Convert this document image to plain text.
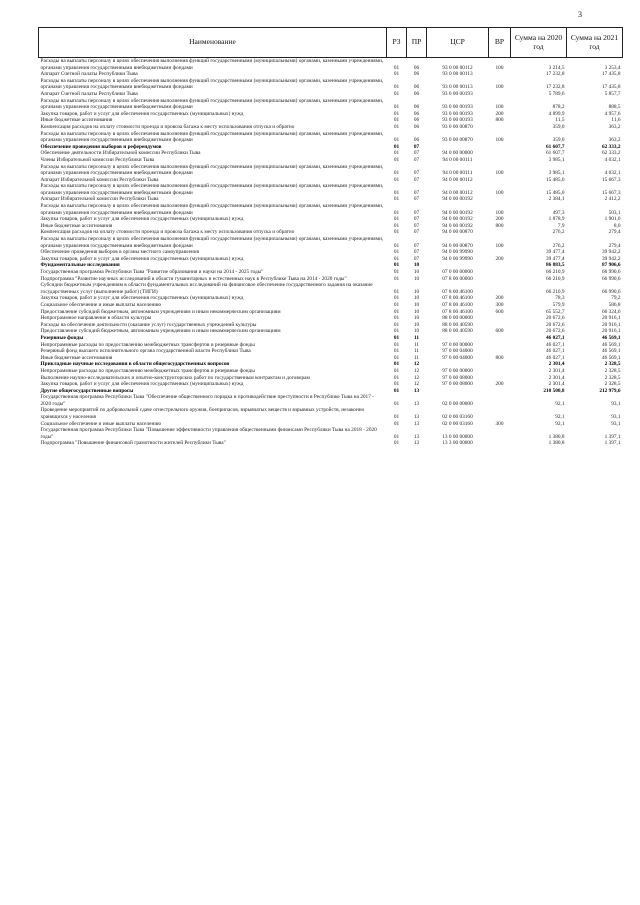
3
Наименование	РЗ	ПР	ЦСР	ВР	Сумма на 2020 год	Сумма на 2021 год
Расходы на выплаты персоналу в целях обеспечения выполнения функций государственными (муниципальными) органами, казенными учреждениями, органами управления государственными внебюджетными фондами	01	06	93 0 00 00112	100	3 214,5	3 253,4
Аппарат Счетной палаты Республики Тыва	01	06	93 0 00 00113		17 232,8	17 435,8
Расходы на выплаты персоналу в целях обеспечения выполнения функций государственными (муниципальными) органами, казенными учреждениями, органами управления государственными внебюджетными фондами	01	06	93 0 00 00113	100	17 232,8	17 435,8
Аппарат Счетной палаты Республики Тыва	01	06	93 0 00 00193		5 789,6	5 857,7
Расходы на выплаты персоналу в целях обеспечения выполнения функций государственными (муниципальными) органами, казенными учреждениями, органами управления государственными внебюджетными фондами	01	06	93 0 00 00193	100	878,2	888,5
Закупка товаров, работ и услуг для обеспечения государственных (муниципальных) нужд	01	06	93 0 00 00193	200	4 899,9	4 957,6
Иные бюджетные ассигнования	01	06	93 0 00 00193	800	11,5	11,6
Компенсация расходов на оплату стоимости проезда и провоза багажа к месту использования отпуска и обратно	01	06	93 0 00 00870		359,0	363,2
Расходы на выплаты персоналу в целях обеспечения выполнения функций государственными (муниципальными) органами, казенными учреждениями, органами управления государственными внебюджетными фондами	01	06	93 0 00 00870	100	359,0	363,2
Обеспечение проведения выборов и референдумов	01	07			61 607,7	62 333,2
Обеспечение деятельности Избирательной комиссии Республики Тыва	01	07	94 0 00 00000		61 607,7	62 333,2
Члены Избирательной комиссии Республики Тыва	01	07	94 0 00 00111		3 985,1	4 032,1
Расходы на выплаты персоналу в целях обеспечения выполнения функций государственными (муниципальными) органами, казенными учреждениями, органами управления государственными внебюджетными фондами	01	07	94 0 00 00111	100	3 985,1	4 032,1
Аппарат Избирательной комиссии Республики Тыва	01	07	94 0 00 00112		15 485,0	15 667,3
Расходы на выплаты персоналу в целях обеспечения выполнения функций государственными (муниципальными) органами, казенными учреждениями, органами управления государственными внебюджетными фондами	01	07	94 0 00 00112	100	15 485,0	15 667,3
Аппарат Избирательной комиссии Республики Тыва	01	07	94 0 00 00192		2 384,1	2 412,2
Расходы на выплаты персоналу в целях обеспечения выполнения функций государственными (муниципальными) органами, казенными учреждениями, органами управления государственными внебюджетными фондами	01	07	94 0 00 00192	100	497,3	503,1
Закупка товаров, работ и услуг для обеспечения государственных (муниципальных) нужд	01	07	94 0 00 00192	200	1 878,9	1 901,0
Иные бюджетные ассигнования	01	07	94 0 00 00192	800	7,9	8,0
Компенсация расходов на оплату стоимости проезда и провоза багажа к месту использования отпуска и обратно	01	07	94 0 00 00870		276,2	279,4
Расходы на выплаты персоналу в целях обеспечения выполнения функций государственными (муниципальными) органами, казенными учреждениями, органами управления государственными внебюджетными фондами	01	07	94 0 00 00870	100	276,2	279,4
Обеспечение проведения выборов в органы местного самоуправления	01	07	94 0 00 99990		39 477,4	39 942,2
Закупка товаров, работ и услуг для обеспечения государственных (муниципальных) нужд	01	07	94 0 00 99990	200	39 477,4	39 942,2
Фундаментальные исследования	01	10			86 883,5	87 906,6
Государственная программа Республики Тыва "Развитие образования и науки на 2014 - 2025 годы"	01	10	07 0 00 00000		66 210,9	66 990,6
Подпрограмма "Развитие научных исследований в области гуманитарных и естественных наук в Республике Тыва на 2014 - 2020 годы"	01	10	07 8 00 00000		66 210,9	66 990,6
Субсидии бюджетным учреждениям в области фундаментальных исследований на финансовое обеспечение государственного задания на оказание государственных услуг (выполнение работ) (ТИГИ)	01	10	07 8 00 46100		66 210,9	66 990,6
Закупка товаров, работ и услуг для обеспечения государственных (муниципальных) нужд	01	10	07 8 00 46100	200	78,3	79,2
Социальное обеспечение и иные выплаты населению	01	10	07 8 00 46100	300	579,9	586,8
Предоставление субсидий бюджетным, автономным учреждениям и иным некоммерческим организациям	01	10	07 8 00 46100	600	65 552,7	66 324,6
Непрограммное направление в области культуры	01	10	88 0 00 00000		20 672,6	20 916,1
Расходы на обеспечение деятельности (оказание услуг) государственных учреждений культуры	01	10	88 0 00 40590		20 672,6	20 916,1
Предоставление субсидий бюджетным, автономным учреждениям и иным некоммерческим организациям	01	10	88 0 00 40590	600	20 672,6	20 916,1
Резервные фонды	01	11			46 027,1	46 569,1
Непрограммные расходы по предоставлению межбюджетных трансфертов и резервные фонды	01	11	97 0 00 00000		46 027,1	46 569,1
Резервный фонд высшего исполнительного органа государственной власти Республики Тыва	01	11	97 0 00 04000		46 027,1	46 569,1
Иные бюджетные ассигнования	01	11	97 0 00 04000	800	46 027,1	46 569,1
Прикладные научные исследования в области общегосударственных вопросов	01	12			2 301,4	2 328,5
Непрограммные расходы по предоставлению межбюджетных трансфертов и резервные фонды	01	12	97 0 00 00000		2 301,4	2 328,5
Выполнение научно-исследовательских и опытно-конструкторских работ по государственным контрактам и договорам	01	12	97 0 00 08000		2 301,4	2 328,5
Закупка товаров, работ и услуг для обеспечения государственных (муниципальных) нужд	01	12	97 0 00 08000	200	2 301,4	2 328,5
Другие общегосударственные вопросы	01	13			210 500,8	212 979,6
Государственная программа Республики Тыва "Обеспечение общественного порядка и противодействие преступности в Республике Тыва на 2017 - 2020 годы"	01	13	02 0 00 00000		92,1	93,1
Проведение мероприятий по добровольной сдаче огнестрельного оружия, боеприпасов, взрывчатых веществ и взрывных устройств, незаконно хранящихся у населения	01	13	02 0 00 03160		92,1	93,1
Социальное обеспечение и иные выплаты населению	01	13	02 0 00 03160	300	92,1	93,1
Государственная программа Республики Тыва "Повышение эффективности управления общественными финансами Республики Тыва на 2018 - 2020 годы"	01	13	13 0 00 00000		1 380,8	1 397,1
Подпрограмма "Повышение финансовой грамотности жителей Республики Тыва"	01	13	13 3 00 00000		1 380,8	1 397,1
